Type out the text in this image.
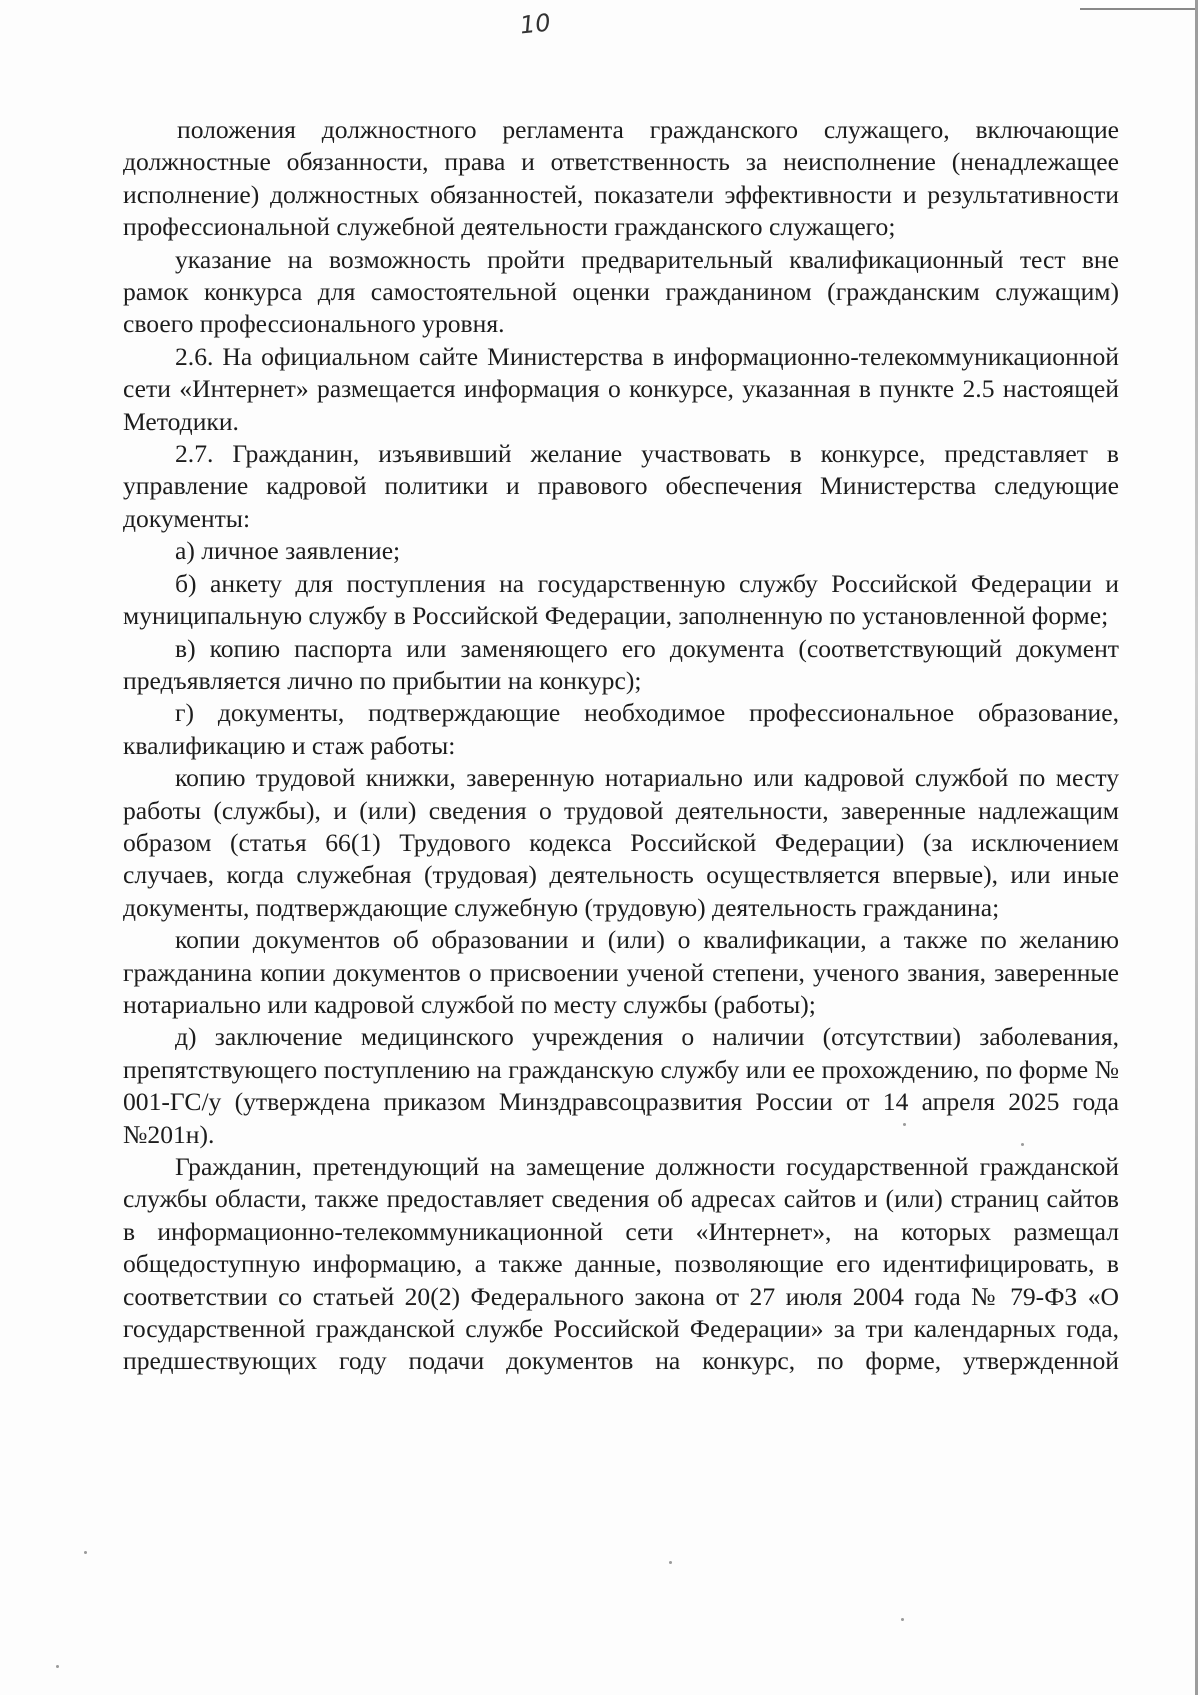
10

положения должностного регламента гражданского служащего, включающие должностные обязанности, права и ответственность за неисполнение (ненадлежащее исполнение) должностных обязанностей, показатели эффективности и результативности профессиональной служебной деятельности гражданского служащего;

указание на возможность пройти предварительный квалификационный тест вне рамок конкурса для самостоятельной оценки гражданином (гражданским служащим) своего профессионального уровня.

2.6. На официальном сайте Министерства в информационно-телекоммуникационной сети «Интернет» размещается информация о конкурсе, указанная в пункте 2.5 настоящей Методики.

2.7. Гражданин, изъявивший желание участвовать в конкурсе, представляет в управление кадровой политики и правового обеспечения Министерства следующие документы:

а) личное заявление;

б) анкету для поступления на государственную службу Российской Федерации и муниципальную службу в Российской Федерации, заполненную по установленной форме;

в) копию паспорта или заменяющего его документа (соответствующий документ предъявляется лично по прибытии на конкурс);

г) документы, подтверждающие необходимое профессиональное образование, квалификацию и стаж работы:

копию трудовой книжки, заверенную нотариально или кадровой службой по месту работы (службы), и (или) сведения о трудовой деятельности, заверенные надлежащим образом (статья 66(1) Трудового кодекса Российской Федерации) (за исключением случаев, когда служебная (трудовая) деятельность осуществляется впервые), или иные документы, подтверждающие служебную (трудовую) деятельность гражданина;

копии документов об образовании и (или) о квалификации, а также по желанию гражданина копии документов о присвоении ученой степени, ученого звания, заверенные нотариально или кадровой службой по месту службы (работы);

д) заключение медицинского учреждения о наличии (отсутствии) заболевания, препятствующего поступлению на гражданскую службу или ее прохождению, по форме № 001-ГС/у (утверждена приказом Минздравсоцразвития России от 14 апреля 2025 года №201н).

Гражданин, претендующий на замещение должности государственной гражданской службы области, также предоставляет сведения об адресах сайтов и (или) страниц сайтов в информационно-телекоммуникационной сети «Интернет», на которых размещал общедоступную информацию, а также данные, позволяющие его идентифицировать, в соответствии со статьей 20(2) Федерального закона от 27 июля 2004 года № 79-ФЗ «О государственной гражданской службе Российской Федерации» за три календарных года, предшествующих году подачи документов на конкурс, по форме, утвержденной
